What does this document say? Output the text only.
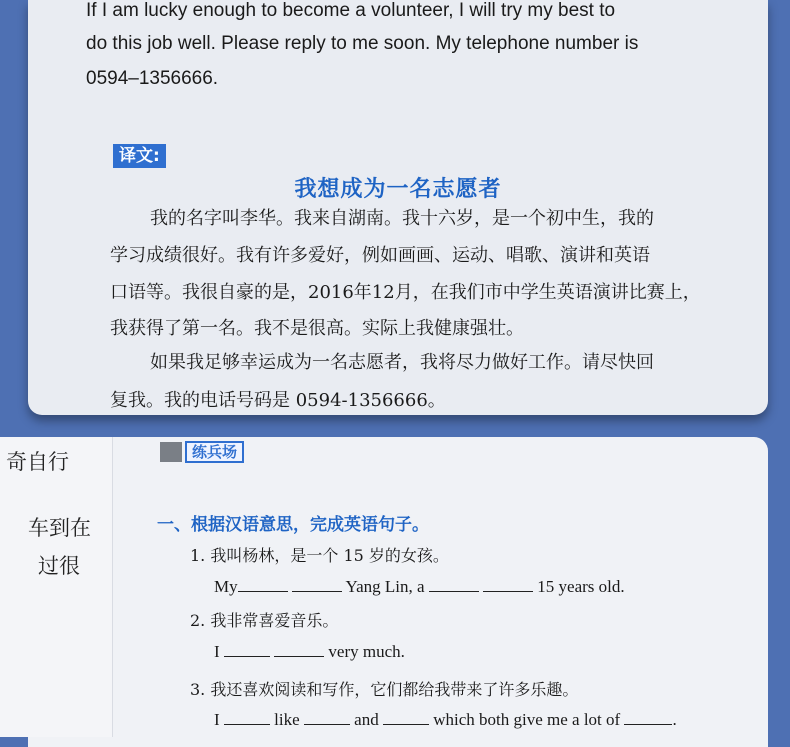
If I am lucky enough to become a volunteer, I will try my best to
do this job well. Please reply to me soon. My telephone number is
0594–1356666.
译文:
我想成为一名志愿者
我的名字叫李华。我来自湖南。我十六岁，是一个初中生，我的
学习成绩很好。我有许多爱好，例如画画、运动、唱歌、演讲和英语
口语等。我很自豪的是，2016年12月，在我们市中学生英语演讲比赛上，
我获得了第一名。我不是很高。实际上我健康强壮。
如果我足够幸运成为一名志愿者，我将尽力做好工作。请尽快回
复我。我的电话号码是 0594-1356666。
奇自行
车到在
过很
练兵场
一、根据汉语意思，完成英语句子。
1. 我叫杨林，是一个 15 岁的女孩。
My	Yang Lin, a	15 years old.
2. 我非常喜爱音乐。
I	very much.
3. 我还喜欢阅读和写作，它们都给我带来了许多乐趣。
I	like	and	which both give me a lot of	.
